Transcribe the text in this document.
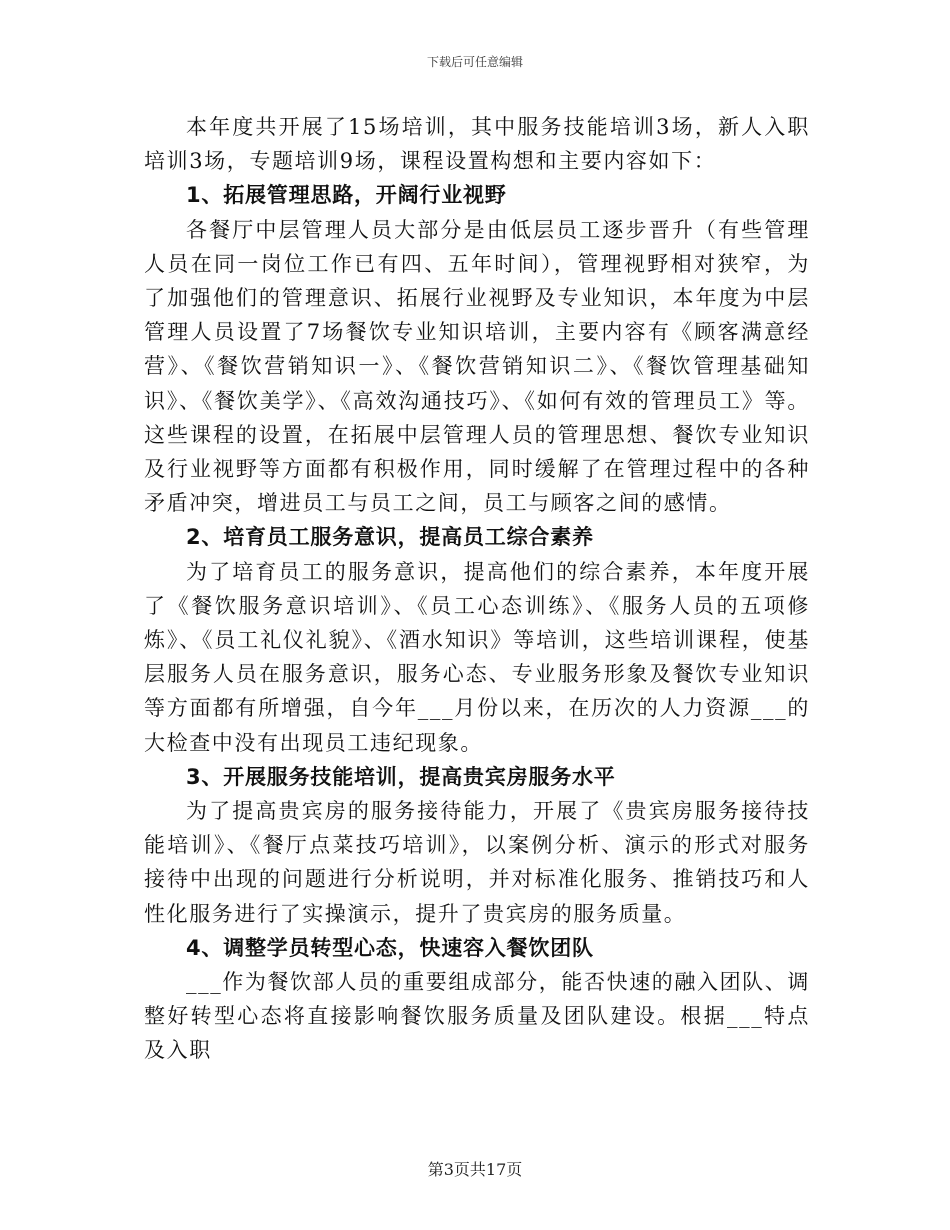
下载后可任意编辑

本年度共开展了15场培训，其中服务技能培训3场，新人入职培训3场，专题培训9场，课程设置构想和主要内容如下：

1、拓展管理思路，开阔行业视野

各餐厅中层管理人员大部分是由低层员工逐步晋升（有些管理人员在同一岗位工作已有四、五年时间），管理视野相对狭窄，为了加强他们的管理意识、拓展行业视野及专业知识，本年度为中层管理人员设置了7场餐饮专业知识培训，主要内容有《顾客满意经营》、《餐饮营销知识一》、《餐饮营销知识二》、《餐饮管理基础知识》、《餐饮美学》、《高效沟通技巧》、《如何有效的管理员工》等。这些课程的设置，在拓展中层管理人员的管理思想、餐饮专业知识及行业视野等方面都有积极作用，同时缓解了在管理过程中的各种矛盾冲突，增进员工与员工之间，员工与顾客之间的感情。

2、培育员工服务意识，提高员工综合素养

为了培育员工的服务意识，提高他们的综合素养，本年度开展了《餐饮服务意识培训》、《员工心态训练》、《服务人员的五项修炼》、《员工礼仪礼貌》、《酒水知识》等培训，这些培训课程，使基层服务人员在服务意识，服务心态、专业服务形象及餐饮专业知识等方面都有所增强，自今年___月份以来，在历次的人力资源___的大检查中没有出现员工违纪现象。

3、开展服务技能培训，提高贵宾房服务水平

为了提高贵宾房的服务接待能力，开展了《贵宾房服务接待技能培训》、《餐厅点菜技巧培训》，以案例分析、演示的形式对服务接待中出现的问题进行分析说明，并对标准化服务、推销技巧和人性化服务进行了实操演示，提升了贵宾房的服务质量。

4、调整学员转型心态，快速容入餐饮团队

___作为餐饮部人员的重要组成部分，能否快速的融入团队、调整好转型心态将直接影响餐饮服务质量及团队建设。根据___特点及入职

第3页共17页
